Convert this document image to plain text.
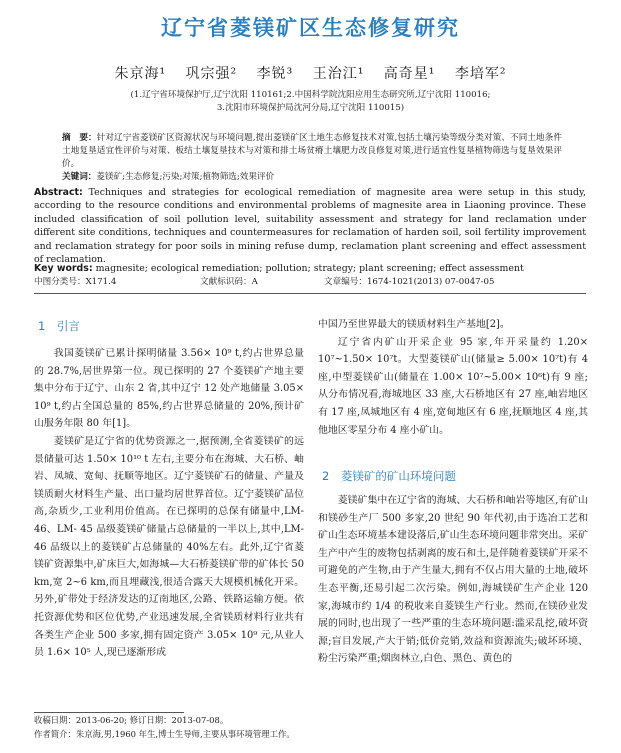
辽宁省菱镁矿区生态修复研究
朱京海¹ 巩宗强² 李锐³ 王治江¹ 高奇星¹ 李培军²
(1.辽宁省环境保护厅,辽宁沈阳 110161;2.中国科学院沈阳应用生态研究所,辽宁沈阳 110016;
3.沈阳市环境保护局沈河分局,辽宁沈阳 110015)
摘　要：针对辽宁省菱镁矿区资源状况与环境问题,提出菱镁矿区土地生态修复技术对策,包括土壤污染等级分类对策、不同土地条件土地复垦适宜性评价与对策、板结土壤复垦技术与对策和排土场贫瘠土壤肥力改良修复对策,进行适宜性复垦植物筛选与复垦效果评价。
关键词：菱镁矿;生态修复;污染;对策;植物筛选;效果评价
Abstract: Techniques and strategies for ecological remediation of magnesite area were setup in this study, according to the resource conditions and environmental problems of magnesite area in Liaoning province. These included classification of soil pollution level, suitability assessment and strategy for land reclamation under different site conditions, techniques and countermeasures for reclamation of harden soil, soil fertility improvement and reclamation strategy for poor soils in mining refuse dump, reclamation plant screening and effect assessment of reclamation.
Key words: magnesite; ecological remediation; pollution; strategy; plant screening; effect assessment
中图分类号：X171.4	文献标识码：A	文章编号：1674-1021(2013) 07-0047-05
1　引言

我国菱镁矿已累计探明储量 3.56× 10⁹ t,约占世界总量的 28.7%,居世界第一位。现已探明的 27 个菱镁矿产地主要集中分布于辽宁、山东 2 省,其中辽宁 12 处产地储量 3.05× 10⁹ t,约占全国总量的 85%,约占世界总储量的 20%,预计矿山服务年限 80 年[1]。

菱镁矿是辽宁省的优势资源之一,据预测,全省菱镁矿的远景储量可达 1.50× 10¹⁰ t 左右,主要分布在海城、大石桥、岫岩、凤城、宽甸、抚顺等地区。辽宁菱镁矿石的储量、产量及镁质耐火材料生产量、出口量均居世界首位。辽宁菱镁矿品位高,杂质少,工业利用价值高。在已探明的总保有储量中,LM- 46、LM- 45 品级菱镁矿储量占总储量的一半以上,其中,LM- 46 品级以上的菱镁矿占总储量的 40%左右。此外,辽宁省菱镁矿资源集中,矿床巨大,如海城—大石桥菱镁矿带的矿体长 50 km,宽 2~6 km,而且埋藏浅,很适合露天大规模机械化开采。另外,矿带处于经济发达的辽南地区,公路、铁路运输方便。依托资源优势和区位优势,产业迅速发展,全省镁质材料行业共有各类生产企业 500 多家,拥有固定资产 3.05× 10⁹ 元,从业人员 1.6× 10⁵ 人,现已逐渐形成

中国乃至世界最大的镁质材料生产基地[2]。

辽宁省内矿山开采企业 95 家,年开采量约 1.20× 10⁷~1.50× 10⁷t。大型菱镁矿山(储量≥ 5.00× 10⁷t)有 4 座,中型菱镁矿山(储量在 1.00× 10⁷~5.00× 10⁶t)有 9 座;从分布情况看,海城地区 33 座,大石桥地区有 27 座,岫岩地区有 17 座,凤城地区有 4 座,宽甸地区有 6 座,抚顺地区 4 座,其他地区零星分布 4 座小矿山。

2　菱镁矿的矿山环境问题

菱镁矿集中在辽宁省的海城、大石桥和岫岩等地区,有矿山和镁砂生产厂 500 多家,20 世纪 90 年代初,由于选冶工艺和矿山生态环境基本建设落后,矿山生态环境问题非常突出。采矿生产中产生的废物包括剥离的废石和土,是伴随着菱镁矿开采不可避免的产生物,由于产生量大,拥有不仅占用大量的土地,破坏生态平衡,还易引起二次污染。例如,海城镁矿生产企业 120 家,海城市约 1/4 的税收来自菱镁生产行业。然而,在镁砂业发展的同时,也出现了一些严重的生态环境问题:滥采乱挖,破坏资源;盲目发展,产大于销;低价竞销,效益和资源流失;破坏环境、粉尘污染严重;烟囱林立,白色、黑色、黄色的

收稿日期：2013-06-20; 修订日期：2013-07-08。
作者简介：朱京海,男,1960 年生,博士生导师,主要从事环境管理工作。
